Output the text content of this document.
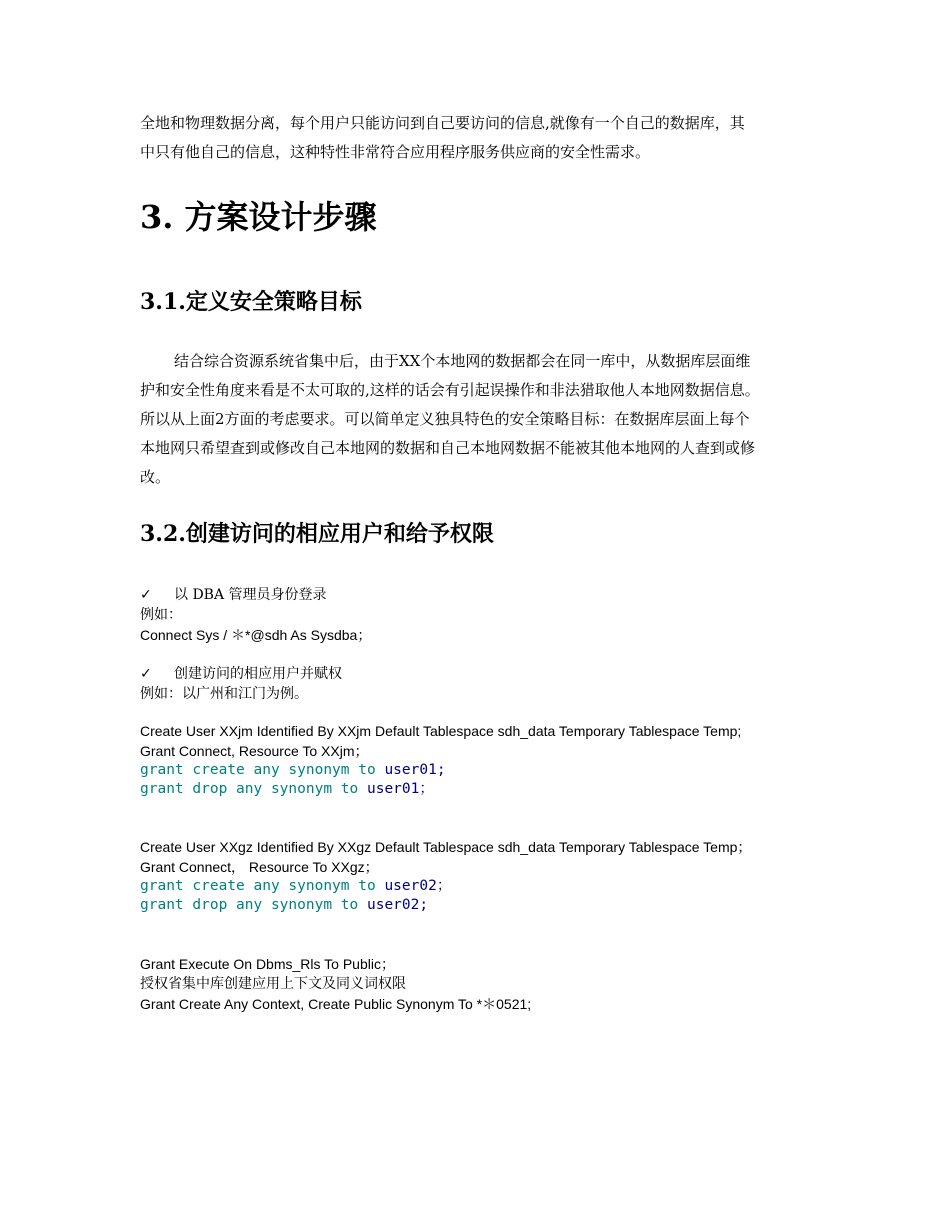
全地和物理数据分离，每个用户只能访问到自己要访问的信息,就像有一个自己的数据库，其

中只有他自己的信息，这种特性非常符合应用程序服务供应商的安全性需求。

3. 方案设计步骤
3.1.定义安全策略目标

结合综合资源系统省集中后，由于XX个本地网的数据都会在同一库中，从数据库层面维

护和安全性角度来看是不太可取的,这样的话会有引起误操作和非法猎取他人本地网数据信息。

所以从上面2方面的考虑要求。可以简单定义独具特色的安全策略目标：在数据库层面上每个

本地网只希望查到或修改自己本地网的数据和自己本地网数据不能被其他本地网的人查到或修

改。

3.2.创建访问的相应用户和给予权限

✓ 以 DBA 管理员身份登录

例如：

Connect Sys / ＊*@sdh As Sysdba；

✓ 创建访问的相应用户并赋权

例如：以广州和江门为例。

Create User XXjm Identified By XXjm Default Tablespace sdh_data Temporary Tablespace Temp;

Grant Connect, Resource To XXjm；

grant create any synonym to user01;

grant drop any synonym to user01；

Create User XXgz Identified By XXgz Default Tablespace sdh_data Temporary Tablespace Temp；

Grant Connect， Resource To XXgz；

grant create any synonym to user02；

grant drop any synonym to user02;

Grant Execute On Dbms_Rls To Public；

授权省集中库创建应用上下文及同义词权限

Grant Create Any Context, Create Public Synonym To *＊0521;
